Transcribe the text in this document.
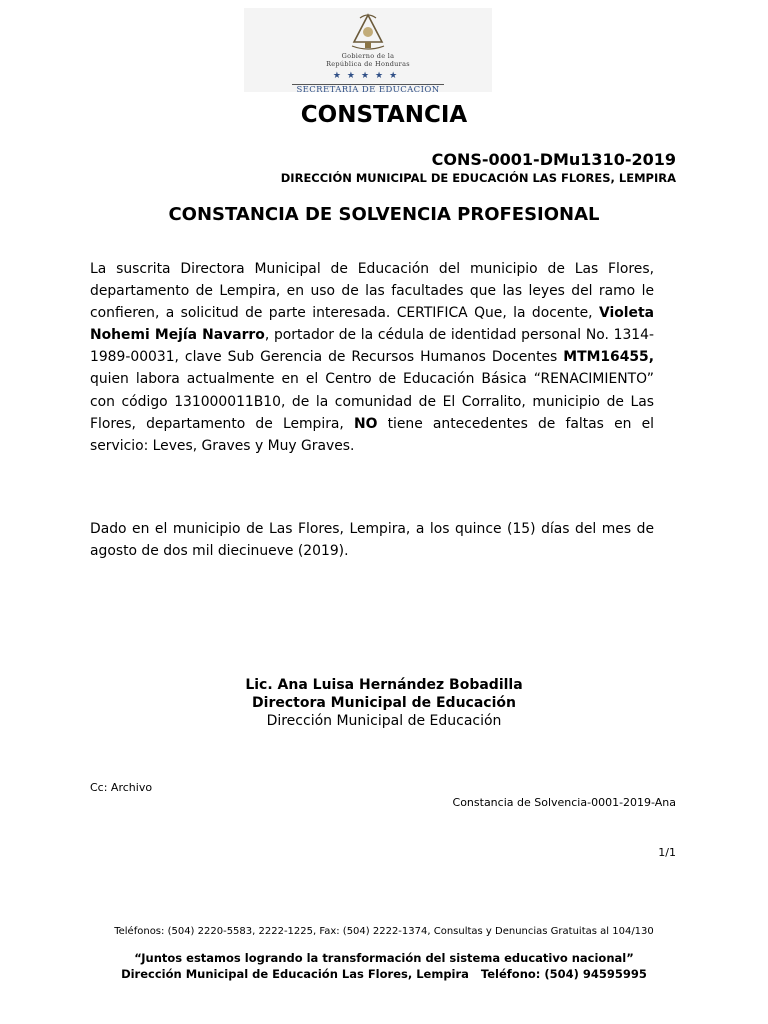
Gobierno de la
República de Honduras
★★★★★
SECRETARÍA DE EDUCACIÓN
CONSTANCIA
CONS-0001-DMu1310-2019
DIRECCIÓN MUNICIPAL DE EDUCACIÓN LAS FLORES, LEMPIRA
CONSTANCIA DE SOLVENCIA PROFESIONAL
La suscrita Directora Municipal de Educación del municipio de Las Flores, departamento de Lempira, en uso de las facultades que las leyes del ramo le confieren, a solicitud de parte interesada. CERTIFICA Que, la docente, Violeta Nohemi Mejía Navarro, portador de la cédula de identidad personal No. 1314-1989-00031, clave Sub Gerencia de Recursos Humanos Docentes MTM16455, quien labora actualmente en el Centro de Educación Básica “RENACIMIENTO” con código 131000011B10, de la comunidad de El Corralito, municipio de Las Flores, departamento de Lempira, NO tiene antecedentes de faltas en el servicio: Leves, Graves y Muy Graves.
Dado en el municipio de Las Flores, Lempira, a los quince (15) días del mes de agosto de dos mil diecinueve (2019).
Lic. Ana Luisa Hernández Bobadilla
Directora Municipal de Educación
Dirección Municipal de Educación
Cc: Archivo
Constancia de Solvencia-0001-2019-Ana
1/1
Teléfonos: (504) 2220-5583, 2222-1225, Fax: (504) 2222-1374, Consultas y Denuncias Gratuitas al 104/130
“Juntos estamos logrando la transformación del sistema educativo nacional”
Dirección Municipal de Educación Las Flores, Lempira   Teléfono: (504) 94595995
